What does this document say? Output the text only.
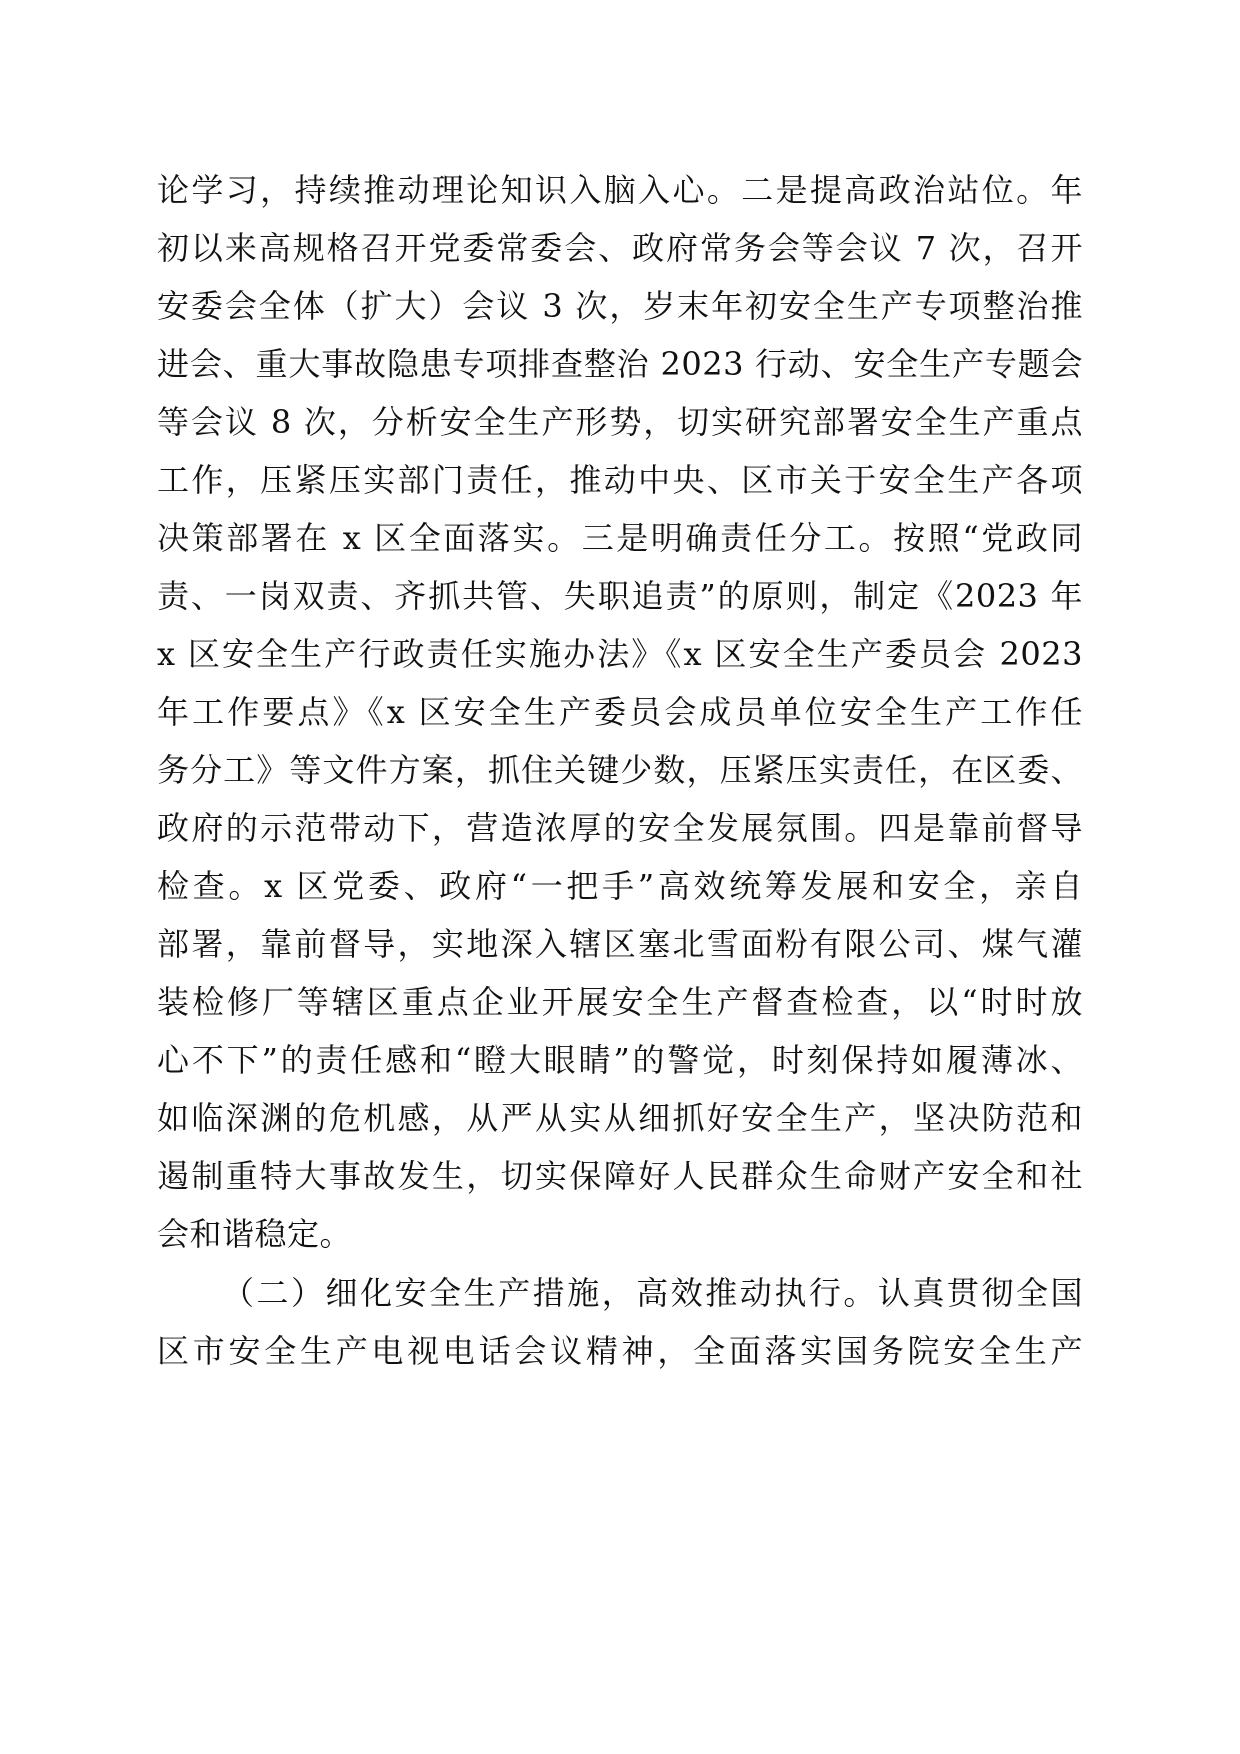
论学习，持续推动理论知识入脑入心。二是提高政治站位。年
初以来高规格召开党委常委会、政府常务会等会议 7 次，召开
安委会全体（扩大）会议 3 次，岁末年初安全生产专项整治推
进会、重大事故隐患专项排查整治 2023 行动、安全生产专题会
等会议 8 次，分析安全生产形势，切实研究部署安全生产重点
工作，压紧压实部门责任，推动中央、区市关于安全生产各项
决策部署在 x 区全面落实。三是明确责任分工。按照“党政同
责、一岗双责、齐抓共管、失职追责”的原则，制定《2023 年
x 区安全生产行政责任实施办法》《x 区安全生产委员会 2023
年工作要点》《x 区安全生产委员会成员单位安全生产工作任
务分工》等文件方案，抓住关键少数，压紧压实责任，在区委、
政府的示范带动下，营造浓厚的安全发展氛围。四是靠前督导
检查。x 区党委、政府“一把手”高效统筹发展和安全，亲自
部署，靠前督导，实地深入辖区塞北雪面粉有限公司、煤气灌
装检修厂等辖区重点企业开展安全生产督查检查，以“时时放
心不下”的责任感和“瞪大眼睛”的警觉，时刻保持如履薄冰、
如临深渊的危机感，从严从实从细抓好安全生产，坚决防范和
遏制重特大事故发生，切实保障好人民群众生命财产安全和社
会和谐稳定。
（二）细化安全生产措施，高效推动执行。认真贯彻全国
区市安全生产电视电话会议精神，全面落实国务院安全生产
